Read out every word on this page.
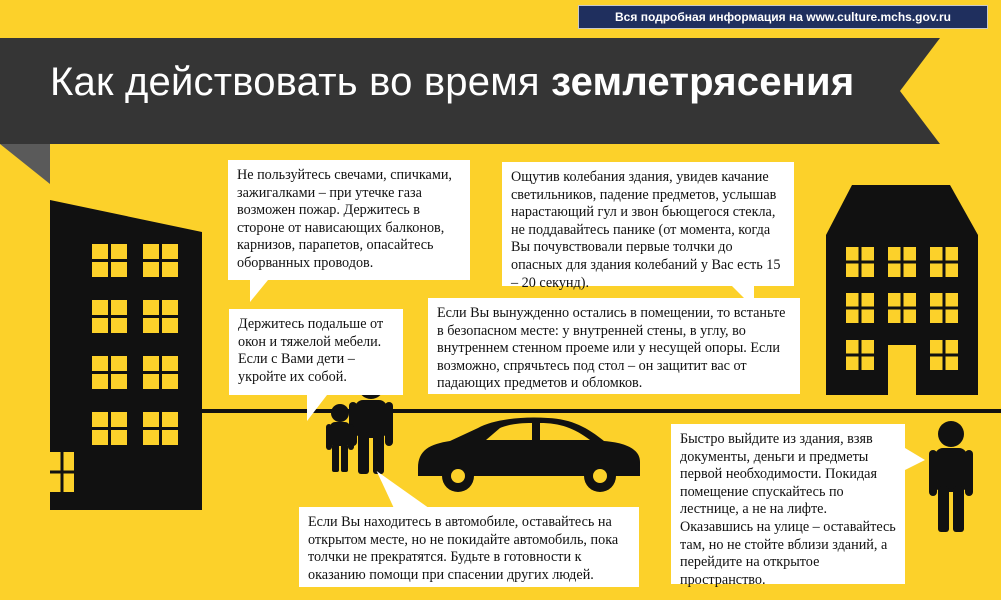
Вся подробная информация на www.culture.mchs.gov.ru
Как действовать во время землетрясения
Не пользуйтесь свечами, спичками, зажигалками – при утечке газа возможен пожар. Держитесь в стороне от нависающих балконов, карнизов, парапетов, опасайтесь оборванных проводов.
Ощутив колебания здания, увидев качание светильников, падение предметов, услышав нарастающий гул и звон бьющегося стекла, не поддавайтесь панике (от момента, когда Вы почувствовали первые толчки до опасных для здания колебаний у Вас есть 15 – 20 секунд).
Держитесь подальше от окон и тяжелой мебели. Если с Вами дети – укройте их собой.
Если Вы вынужденно остались в помещении, то встаньте в безопасном месте: у внутренней стены, в углу, во внутреннем стенном проеме или у несущей опоры. Если возможно, спрячьтесь под стол – он защитит вас от падающих предметов и обломков.
Если Вы находитесь в автомобиле, оставайтесь на открытом месте, но не покидайте автомобиль, пока толчки не прекратятся. Будьте в готовности к оказанию помощи при спасении других людей.
Быстро выйдите из здания, взяв документы, деньги и предметы первой необходимости. Покидая помещение спускайтесь по лестнице, а не на лифте. Оказавшись на улице – оставайтесь там, но не стойте вблизи зданий, а перейдите на открытое пространство.
